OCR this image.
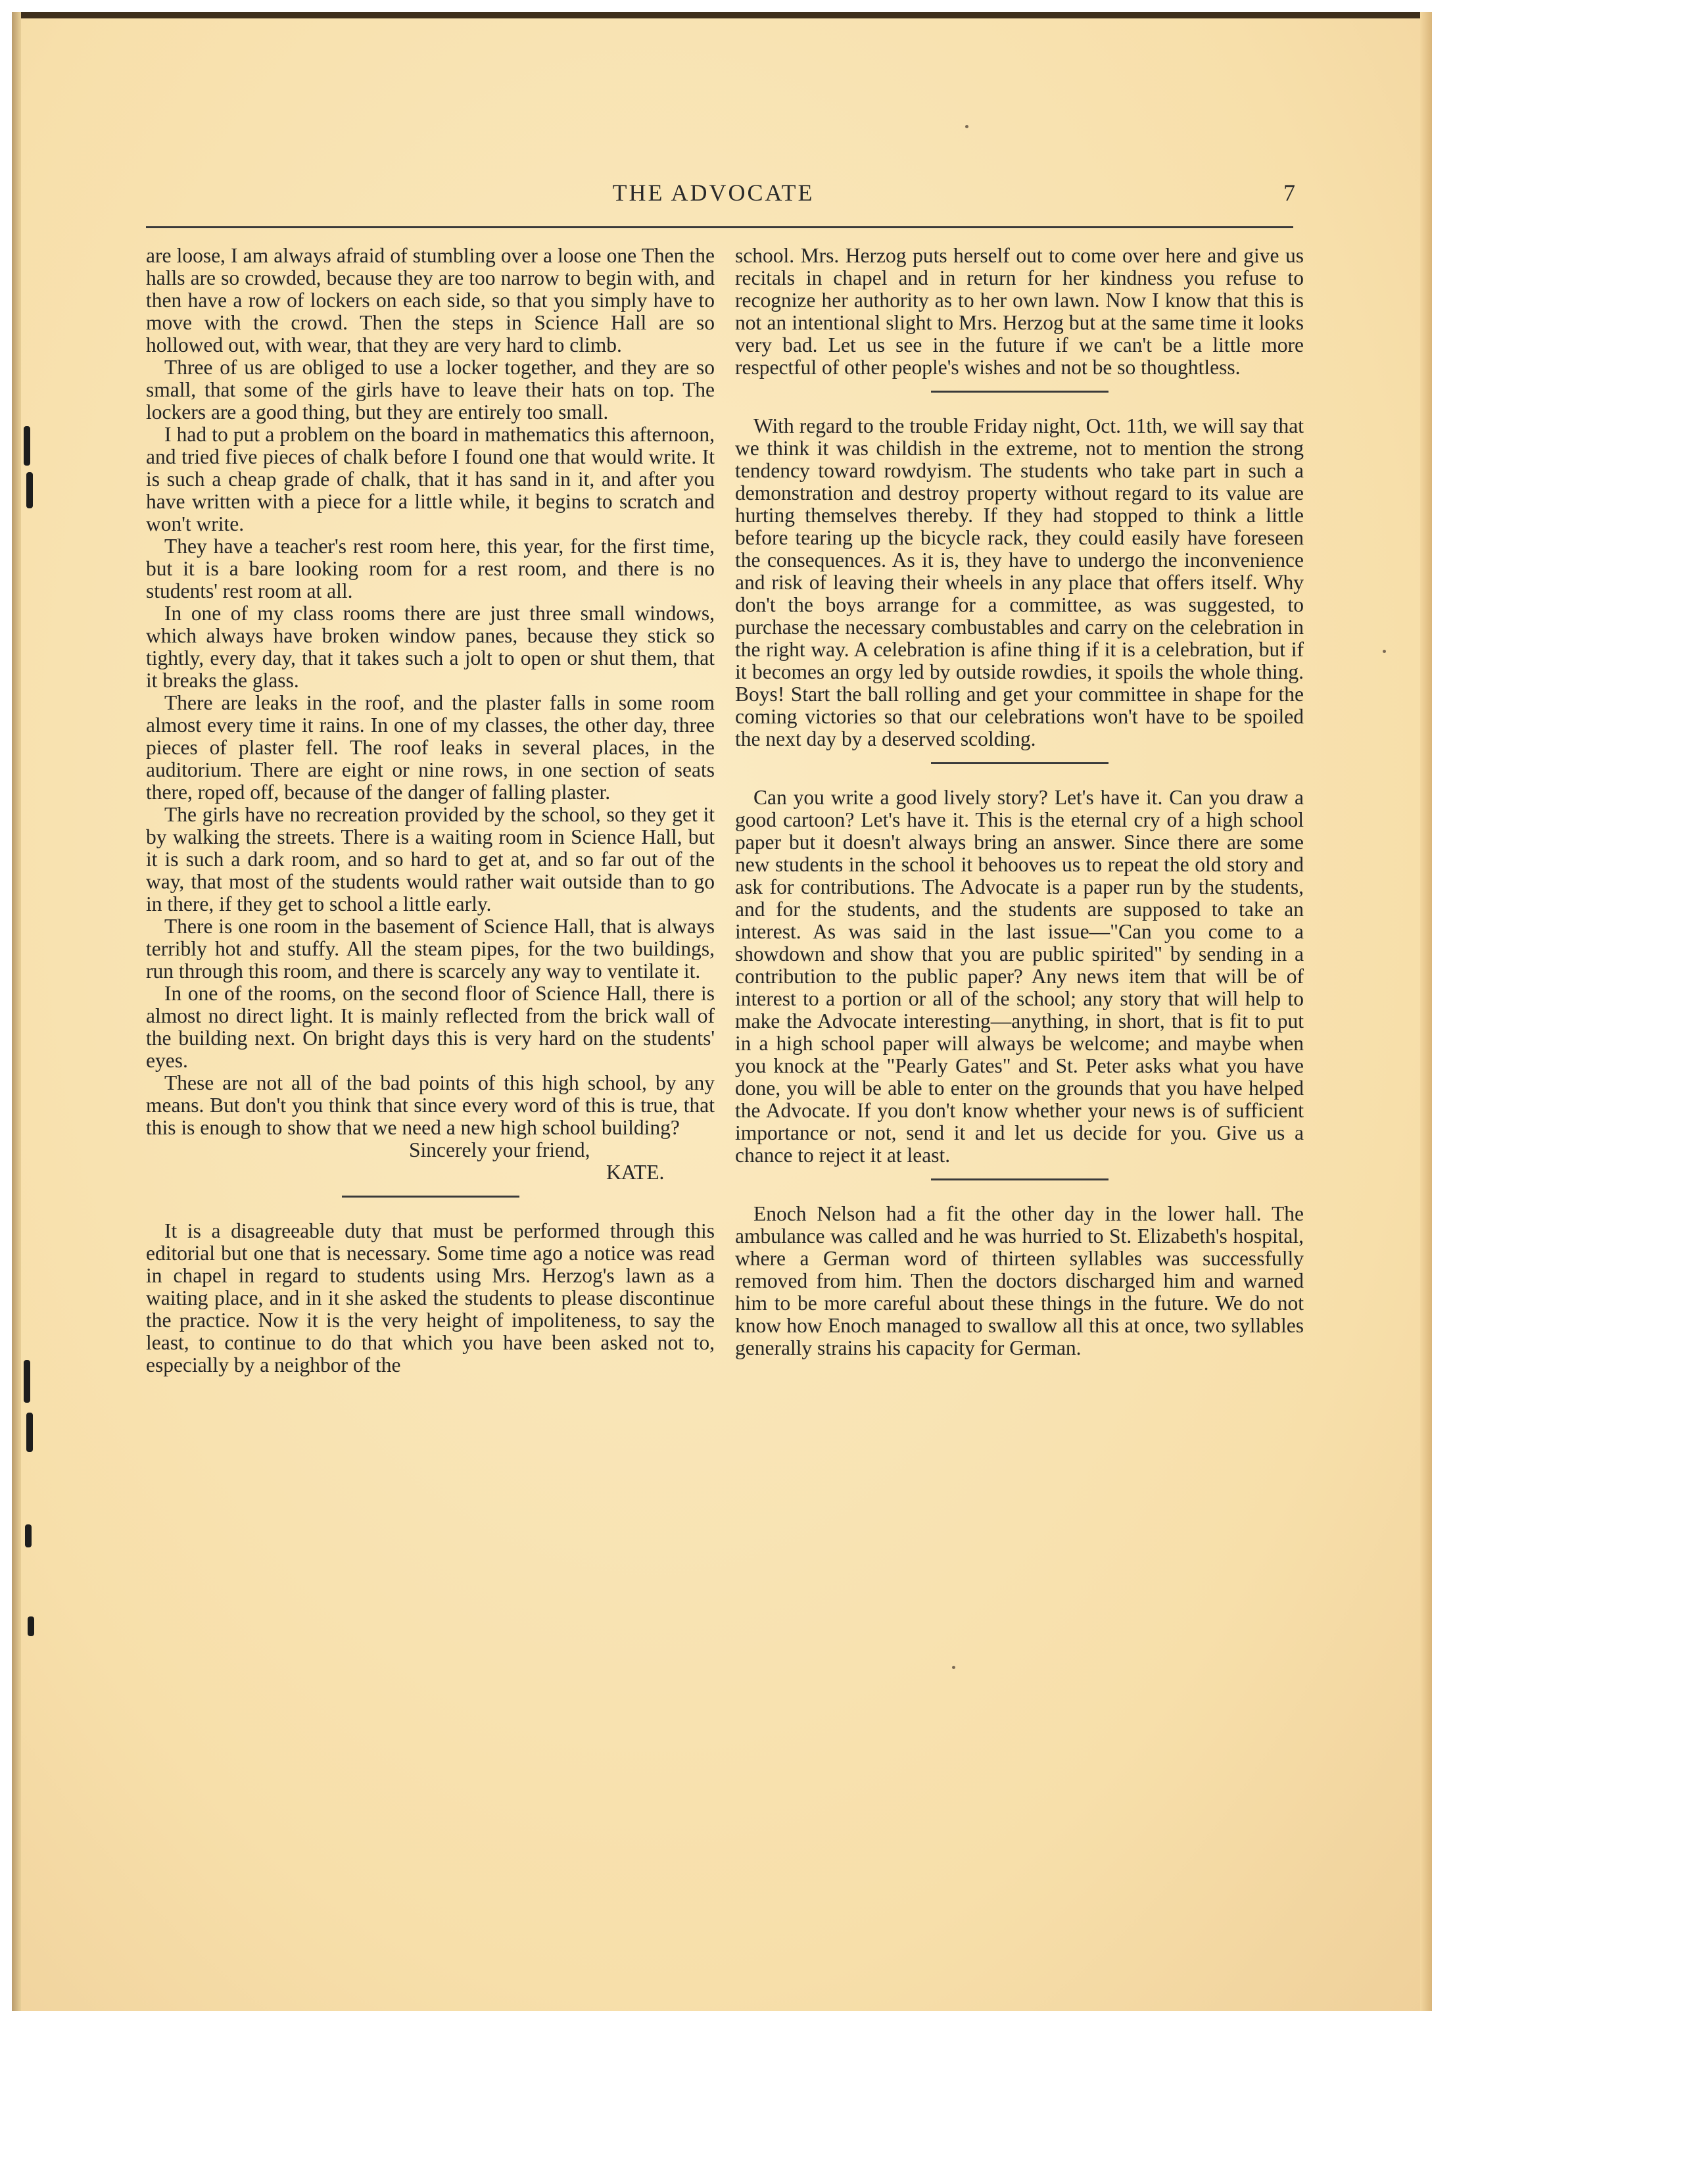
THE ADVOCATE	7

are loose, I am always afraid of stumbling over a loose one Then the halls are so crowded, because they are too narrow to begin with, and then have a row of lockers on each side, so that you simply have to move with the crowd. Then the steps in Science Hall are so hollowed out, with wear, that they are very hard to climb.

Three of us are obliged to use a locker together, and they are so small, that some of the girls have to leave their hats on top. The lockers are a good thing, but they are entirely too small.

I had to put a problem on the board in mathematics this afternoon, and tried five pieces of chalk before I found one that would write. It is such a cheap grade of chalk, that it has sand in it, and after you have written with a piece for a little while, it begins to scratch and won't write.

They have a teacher's rest room here, this year, for the first time, but it is a bare looking room for a rest room, and there is no students' rest room at all.

In one of my class rooms there are just three small windows, which always have broken window panes, because they stick so tightly, every day, that it takes such a jolt to open or shut them, that it breaks the glass.

There are leaks in the roof, and the plaster falls in some room almost every time it rains. In one of my classes, the other day, three pieces of plaster fell. The roof leaks in several places, in the auditorium. There are eight or nine rows, in one section of seats there, roped off, because of the danger of falling plaster.

The girls have no recreation provided by the school, so they get it by walking the streets. There is a waiting room in Science Hall, but it is such a dark room, and so hard to get at, and so far out of the way, that most of the students would rather wait outside than to go in there, if they get to school a little early.

There is one room in the basement of Science Hall, that is always terribly hot and stuffy. All the steam pipes, for the two buildings, run through this room, and there is scarcely any way to ventilate it.

In one of the rooms, on the second floor of Science Hall, there is almost no direct light. It is mainly reflected from the brick wall of the building next. On bright days this is very hard on the students' eyes.

These are not all of the bad points of this high school, by any means. But don't you think that since every word of this is true, that this is enough to show that we need a new high school building?

Sincerely your friend,

KATE.

It is a disagreeable duty that must be performed through this editorial but one that is necessary. Some time ago a notice was read in chapel in regard to students using Mrs. Herzog's lawn as a waiting place, and in it she asked the students to please discontinue the practice. Now it is the very height of impoliteness, to say the least, to continue to do that which you have been asked not to, especially by a neighbor of the

school. Mrs. Herzog puts herself out to come over here and give us recitals in chapel and in return for her kindness you refuse to recognize her authority as to her own lawn. Now I know that this is not an intentional slight to Mrs. Herzog but at the same time it looks very bad. Let us see in the future if we can't be a little more respectful of other people's wishes and not be so thoughtless.

With regard to the trouble Friday night, Oct. 11th, we will say that we think it was childish in the extreme, not to mention the strong tendency toward rowdyism. The students who take part in such a demonstration and destroy property without regard to its value are hurting themselves thereby. If they had stopped to think a little before tearing up the bicycle rack, they could easily have foreseen the consequences. As it is, they have to undergo the inconvenience and risk of leaving their wheels in any place that offers itself. Why don't the boys arrange for a committee, as was suggested, to purchase the necessary combustables and carry on the celebration in the right way. A celebration is afine thing if it is a celebration, but if it becomes an orgy led by outside rowdies, it spoils the whole thing. Boys! Start the ball rolling and get your committee in shape for the coming victories so that our celebrations won't have to be spoiled the next day by a deserved scolding.

Can you write a good lively story? Let's have it. Can you draw a good cartoon? Let's have it. This is the eternal cry of a high school paper but it doesn't always bring an answer. Since there are some new students in the school it behooves us to repeat the old story and ask for contributions. The Advocate is a paper run by the students, and for the students, and the students are supposed to take an interest. As was said in the last issue—"Can you come to a showdown and show that you are public spirited" by sending in a contribution to the public paper? Any news item that will be of interest to a portion or all of the school; any story that will help to make the Advocate interesting—anything, in short, that is fit to put in a high school paper will always be welcome; and maybe when you knock at the "Pearly Gates" and St. Peter asks what you have done, you will be able to enter on the grounds that you have helped the Advocate. If you don't know whether your news is of sufficient importance or not, send it and let us decide for you. Give us a chance to reject it at least.

Enoch Nelson had a fit the other day in the lower hall. The ambulance was called and he was hurried to St. Elizabeth's hospital, where a German word of thirteen syllables was successfully removed from him. Then the doctors discharged him and warned him to be more careful about these things in the future. We do not know how Enoch managed to swallow all this at once, two syllables generally strains his capacity for German.
